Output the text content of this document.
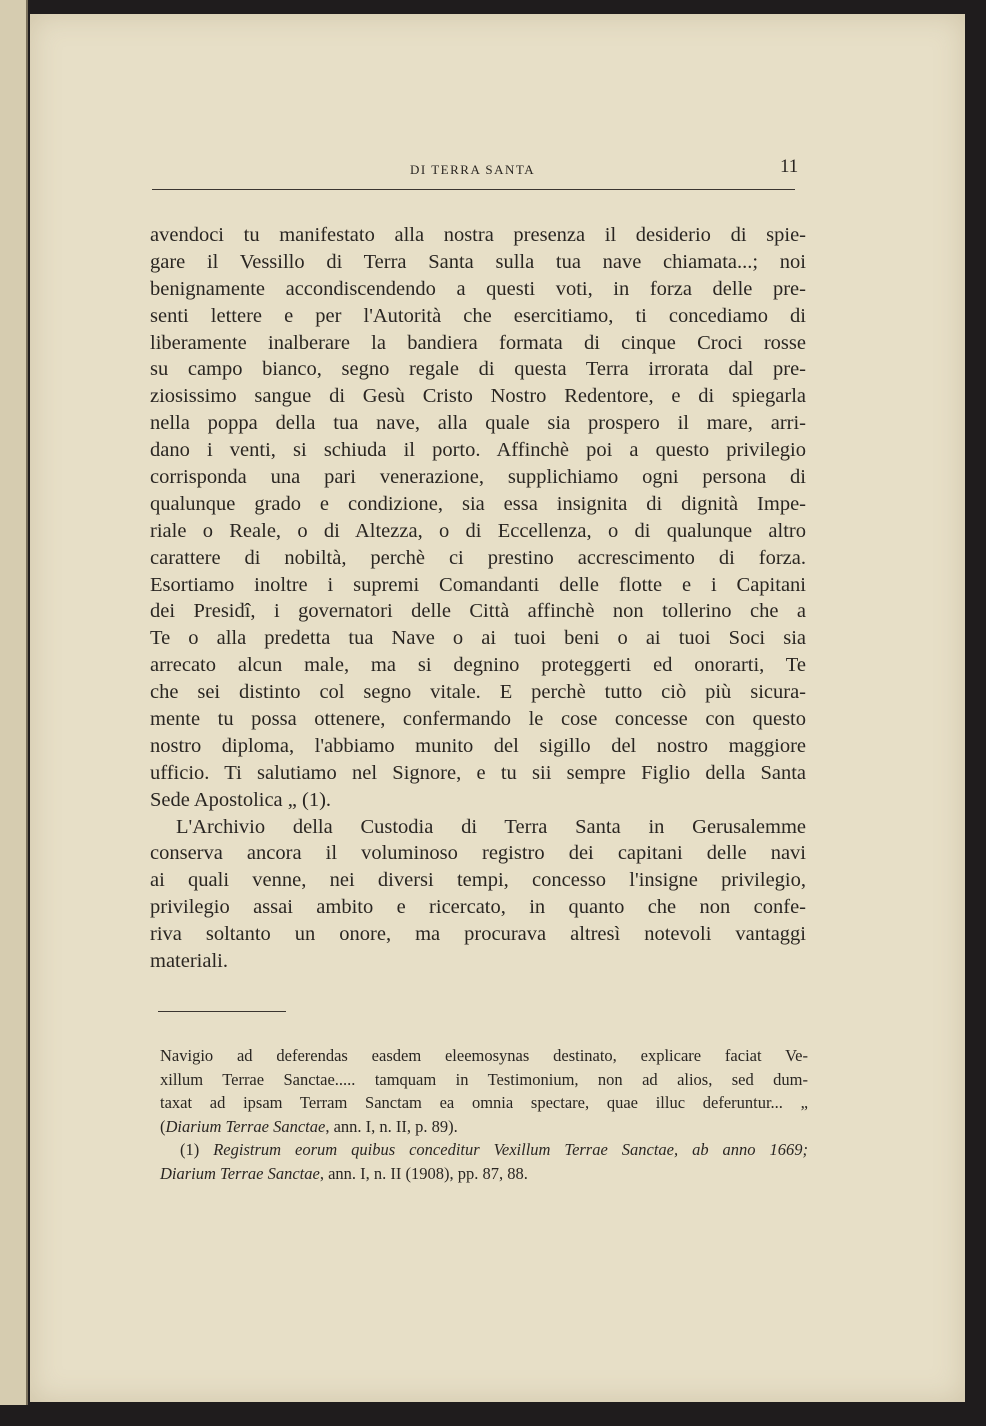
DI TERRA SANTA	11
avendoci tu manifestato alla nostra presenza il desiderio di spie-
gare il Vessillo di Terra Santa sulla tua nave chiamata...; noi
benignamente accondiscendendo a questi voti, in forza delle pre-
senti lettere e per l'Autorità che esercitiamo, ti concediamo di
liberamente inalberare la bandiera formata di cinque Croci rosse
su campo bianco, segno regale di questa Terra irrorata dal pre-
ziosissimo sangue di Gesù Cristo Nostro Redentore, e di spiegarla
nella poppa della tua nave, alla quale sia prospero il mare, arri-
dano i venti, si schiuda il porto. Affinchè poi a questo privilegio
corrisponda una pari venerazione, supplichiamo ogni persona di
qualunque grado e condizione, sia essa insignita di dignità Impe-
riale o Reale, o di Altezza, o di Eccellenza, o di qualunque altro
carattere di nobiltà, perchè ci prestino accrescimento di forza.
Esortiamo inoltre i supremi Comandanti delle flotte e i Capitani
dei Presidî, i governatori delle Città affinchè non tollerino che a
Te o alla predetta tua Nave o ai tuoi beni o ai tuoi Soci sia
arrecato alcun male, ma si degnino proteggerti ed onorarti, Te
che sei distinto col segno vitale. E perchè tutto ciò più sicura-
mente tu possa ottenere, confermando le cose concesse con questo
nostro diploma, l'abbiamo munito del sigillo del nostro maggiore
ufficio. Ti salutiamo nel Signore, e tu sii sempre Figlio della Santa
Sede Apostolica „ (1).
L'Archivio della Custodia di Terra Santa in Gerusalemme
conserva ancora il voluminoso registro dei capitani delle navi
ai quali venne, nei diversi tempi, concesso l'insigne privilegio,
privilegio assai ambito e ricercato, in quanto che non confe-
riva soltanto un onore, ma procurava altresì notevoli vantaggi
materiali.
Navigio ad deferendas easdem eleemosynas destinato, explicare faciat Ve-
xillum Terrae Sanctae..... tamquam in Testimonium, non ad alios, sed dum-
taxat ad ipsam Terram Sanctam ea omnia spectare, quae illuc deferuntur... „
(Diarium Terrae Sanctae, ann. I, n. II, p. 89).
(1) Registrum eorum quibus conceditur Vexillum Terrae Sanctae, ab anno 1669;
Diarium Terrae Sanctae, ann. I, n. II (1908), pp. 87, 88.
